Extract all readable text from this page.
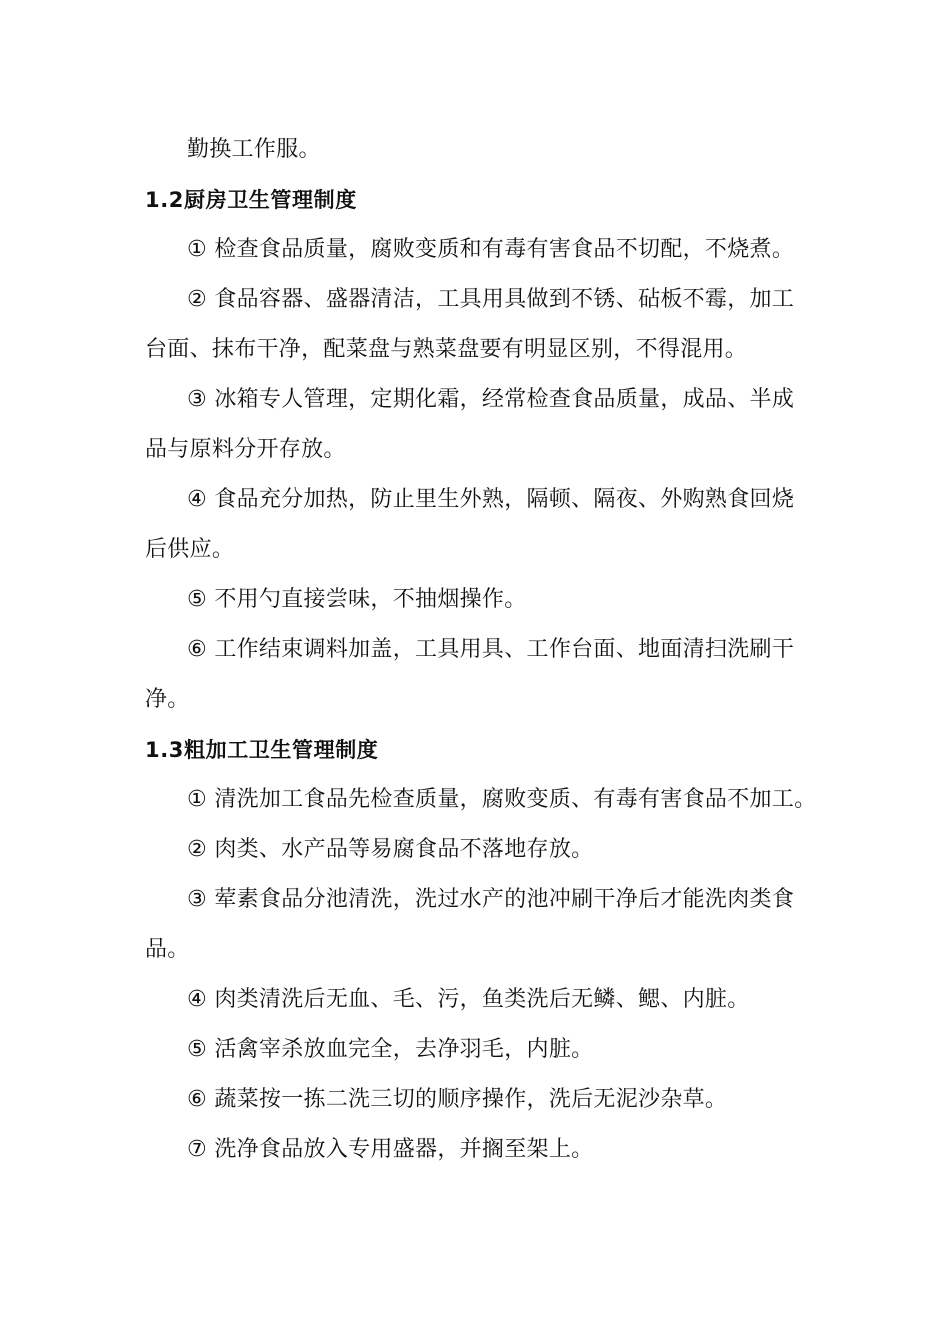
勤换工作服。

1.2厨房卫生管理制度

① 检查食品质量，腐败变质和有毒有害食品不切配，不烧煮。

② 食品容器、盛器清洁，工具用具做到不锈、砧板不霉，加工

台面、抹布干净，配菜盘与熟菜盘要有明显区别，不得混用。

③ 冰箱专人管理，定期化霜，经常检查食品质量，成品、半成

品与原料分开存放。

④ 食品充分加热，防止里生外熟，隔顿、隔夜、外购熟食回烧

后供应。

⑤ 不用勺直接尝味，不抽烟操作。

⑥ 工作结束调料加盖，工具用具、工作台面、地面清扫洗刷干

净。

1.3粗加工卫生管理制度

① 清洗加工食品先检查质量，腐败变质、有毒有害食品不加工。

② 肉类、水产品等易腐食品不落地存放。

③ 荤素食品分池清洗，洗过水产的池冲刷干净后才能洗肉类食

品。

④ 肉类清洗后无血、毛、污，鱼类洗后无鳞、鳃、内脏。

⑤ 活禽宰杀放血完全，去净羽毛，内脏。

⑥ 蔬菜按一拣二洗三切的顺序操作，洗后无泥沙杂草。

⑦ 洗净食品放入专用盛器，并搁至架上。
